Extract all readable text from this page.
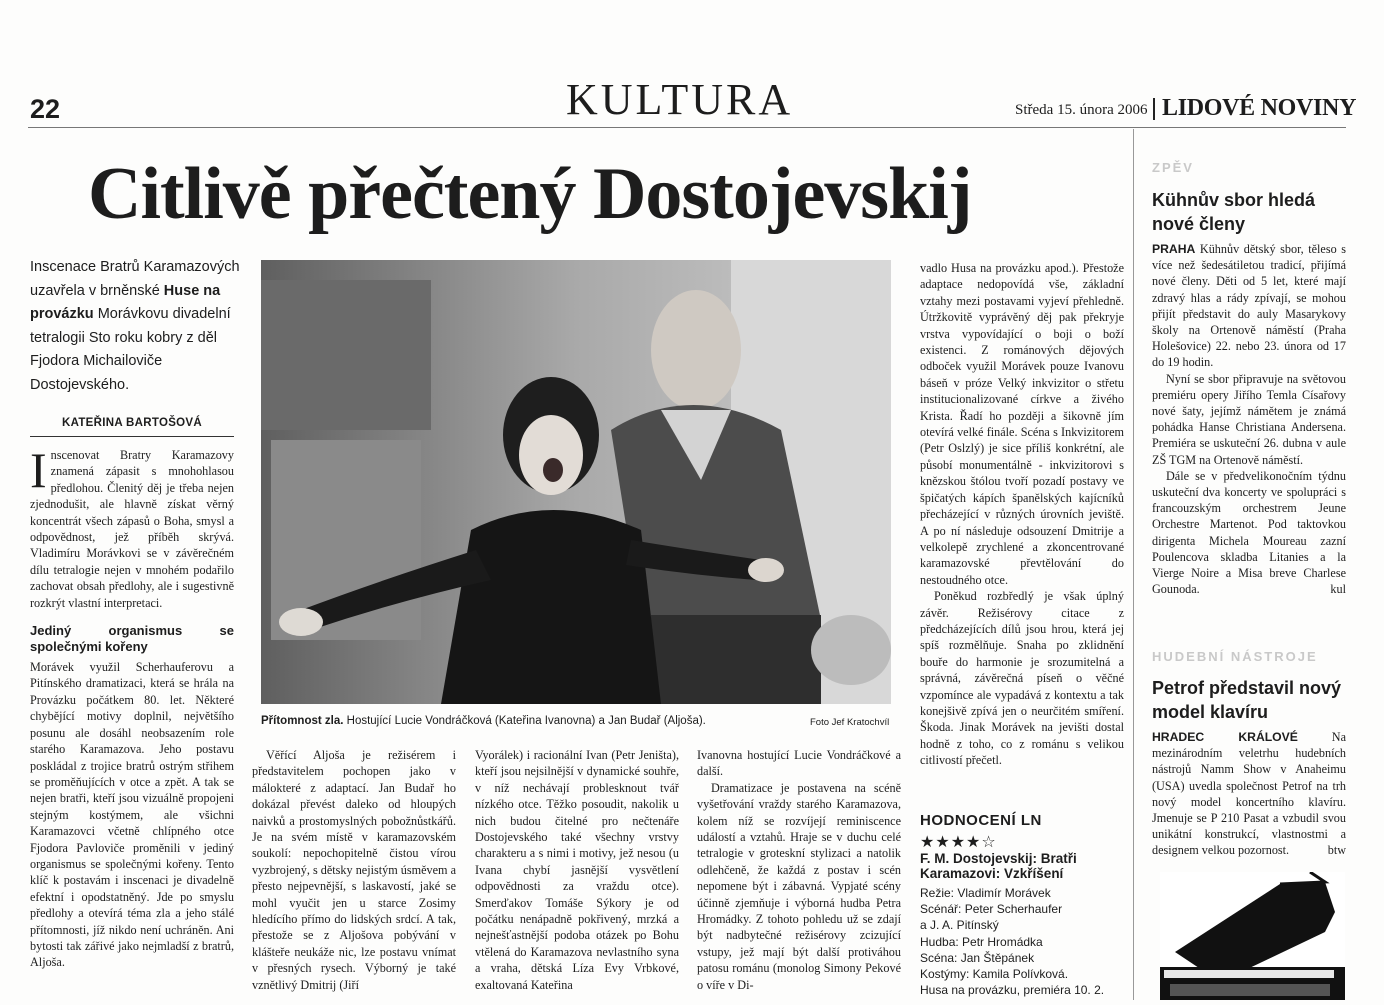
22	KULTURA	Středa 15. února 2006 LIDOVÉ NOVINY
Citlivě přečtený Dostojevskij
Inscenace Bratrů Karamazových uzavřela v brněnské Huse na provázku Morávkovu divadelní tetralogii Sto roku kobry z děl Fjodora Michailoviče Dostojevského.
KATEŘINA BARTOŠOVÁ

Inscenovat Bratry Karamazovy znamená zápasit s mnohohlasou předlohou. Členitý děj je třeba nejen zjednodušit, ale hlavně získat věrný koncentrát všech zápasů o Boha, smysl a odpovědnost, jež příběh skrývá. Vladimíru Morávkovi se v závěrečném dílu tetralogie nejen v mnohém podařilo zachovat obsah předlohy, ale i sugestivně rozkrýt vlastní interpretaci.

Jediný organismus se společnými kořeny

Morávek využil Scherhauferovu a Pitínského dramatizaci, která se hrála na Provázku počátkem 80. let. Některé chybějící motivy doplnil, největšího posunu ale dosáhl neobsazením role starého Karamazova. Jeho postavu poskládal z trojice bratrů ostrým střihem se proměňujících v otce a zpět. A tak se nejen bratři, kteří jsou vizuálně propojeni stejným kostýmem, ale všichni Karamazovci včetně chlípného otce Fjodora Pavloviče proměnili v jediný organismus se společnými kořeny. Tento klíč k postavám i inscenaci je divadelně efektní i opodstatněný. Jde po smyslu předlohy a otevírá téma zla a jeho stálé přítomnosti, jíž nikdo není uchráněn. Ani bytosti tak zářivé jako nejmladší z bratrů, Aljoša.

Přítomnost zla. Hostující Lucie Vondráčková (Kateřina Ivanovna) a Jan Budař (Aljoša).	Foto Jef Kratochvíl

Věřící Aljoša je režisérem i představitelem pochopen jako v málokteré z adaptací. Jan Budař ho dokázal převést daleko od hloupých naivků a prostomyslných pobožnůstkářů. Je na svém místě v karamazovském soukolí: nepochopitelně čistou vírou vyzbrojený, s dětsky nejistým úsměvem a přesto nejpevnější, s laskavostí, jaké se mohl vyučit jen u starce Zosimy hledícího přímo do lidských srdcí. A tak, přestože se z Aljošova pobývání v klášteře neukáže nic, lze postavu vnímat v přesných rysech. Výborný je také vznětlivý Dmitrij (Jiří

Vyorálek) i racionální Ivan (Petr Jeništa), kteří jsou nejsilnější v dynamické souhře, v níž nechávají problesknout tvář nízkého otce. Těžko posoudit, nakolik u nich budou čitelné pro nečtenáře Dostojevského také všechny vrstvy charakteru a s nimi i motivy, jež nesou (u Ivana chybí jasnější vysvětlení odpovědnosti za vraždu otce). Smerďakov Tomáše Sýkory je od počátku nenápadně pokřivený, mrzká a nejnešťastnější podoba otázek po Bohu vtělená do Karamazova nevlastního syna a vraha, dětská Líza Evy Vrbkové, exaltovaná Kateřina

Ivanovna hostující Lucie Vondráčkové a další.

Dramatizace je postavena na scéně vyšetřování vraždy starého Karamazova, kolem níž se rozvíjejí reminiscence událostí a vztahů. Hraje se v duchu celé tetralogie v groteskní stylizaci a natolik odlehčeně, že každá z postav i scén nepomene být i zábavná. Vypjaté scény účinně zjemňuje i výborná hudba Petra Hromádky. Z tohoto pohledu už se zdají být nadbytečné režisérovy zcizující vstupy, jež mají být další protiváhou patosu románu (monolog Simony Pekové o víře v Di-

vadlo Husa na provázku apod.). Přestože adaptace nedopovídá vše, základní vztahy mezi postavami vyjeví přehledně. Útržkovitě vyprávěný děj pak překryje vrstva vypovídající o boji o boží existenci. Z románových dějových odboček využil Morávek pouze Ivanovu báseň v próze Velký inkvizitor o střetu institucionalizované církve a živého Krista. Řadí ho později a šikovně jím otevírá velké finále. Scéna s Inkvizitorem (Petr Oslzlý) je sice příliš konkrétní, ale působí monumentálně - inkvizitorovi s knězskou štólou tvoří pozadí postavy ve špičatých kápích španělských kajícníků přecházející v různých úrovních jeviště. A po ní následuje odsouzení Dmitrije a velkolepě zrychlené a zkoncentrované karamazovské převtělování do nestoudného otce.

Poněkud rozbředlý je však úplný závěr. Režisérovy citace z předcházejících dílů jsou hrou, která jej spíš rozmělňuje. Snaha po zklidnění bouře do harmonie je srozumitelná a správná, závěrečná píseň o věčné vzpomínce ale vypadává z kontextu a tak konejšivě zpívá jen o neurčitém smíření. Škoda. Jinak Morávek na jevišti dostal hodně z toho, co z románu s velikou citlivostí přečetl.

HODNOCENÍ LN
★★★★☆
F. M. Dostojevskij: Bratři Karamazovi: Vzkříšení
Režie: Vladimír Morávek
Scénář: Peter Scherhaufer
a J. A. Pitínský
Hudba: Petr Hromádka
Scéna: Jan Štěpánek
Kostýmy: Kamila Polívková.
Husa na provázku, premiéra 10. 2.
ZPĚV
Kühnův sbor hledá nové členy

PRAHA Kühnův dětský sbor, těleso s více než šedesátiletou tradicí, přijímá nové členy. Děti od 5 let, které mají zdravý hlas a rády zpívají, se mohou přijít představit do auly Masarykovy školy na Ortenově náměstí (Praha Holešovice) 22. nebo 23. února od 17 do 19 hodin.

Nyní se sbor připravuje na světovou premiéru opery Jiřího Temla Císařovy nové šaty, jejímž námětem je známá pohádka Hanse Christiana Andersena. Premiéra se uskuteční 26. dubna v aule ZŠ TGM na Ortenově náměstí.

Dále se v předvelikonočním týdnu uskuteční dva koncerty ve spolupráci s francouzským orchestrem Jeune Orchestre Martenot. Pod taktovkou dirigenta Michela Moureau zazní Poulencova skladba Litanies a la Vierge Noire a Misa breve Charlese Gounoda.	kul

HUDEBNÍ NÁSTROJE
Petrof představil nový model klavíru

HRADEC KRÁLOVÉ Na mezinárodním veletrhu hudebních nástrojů Namm Show v Anaheimu (USA) uvedla společnost Petrof na trh nový model koncertního klavíru. Jmenuje se P 210 Pasat a vzbudil svou unikátní konstrukcí, vlastnostmi a designem velkou pozornost.	btw
